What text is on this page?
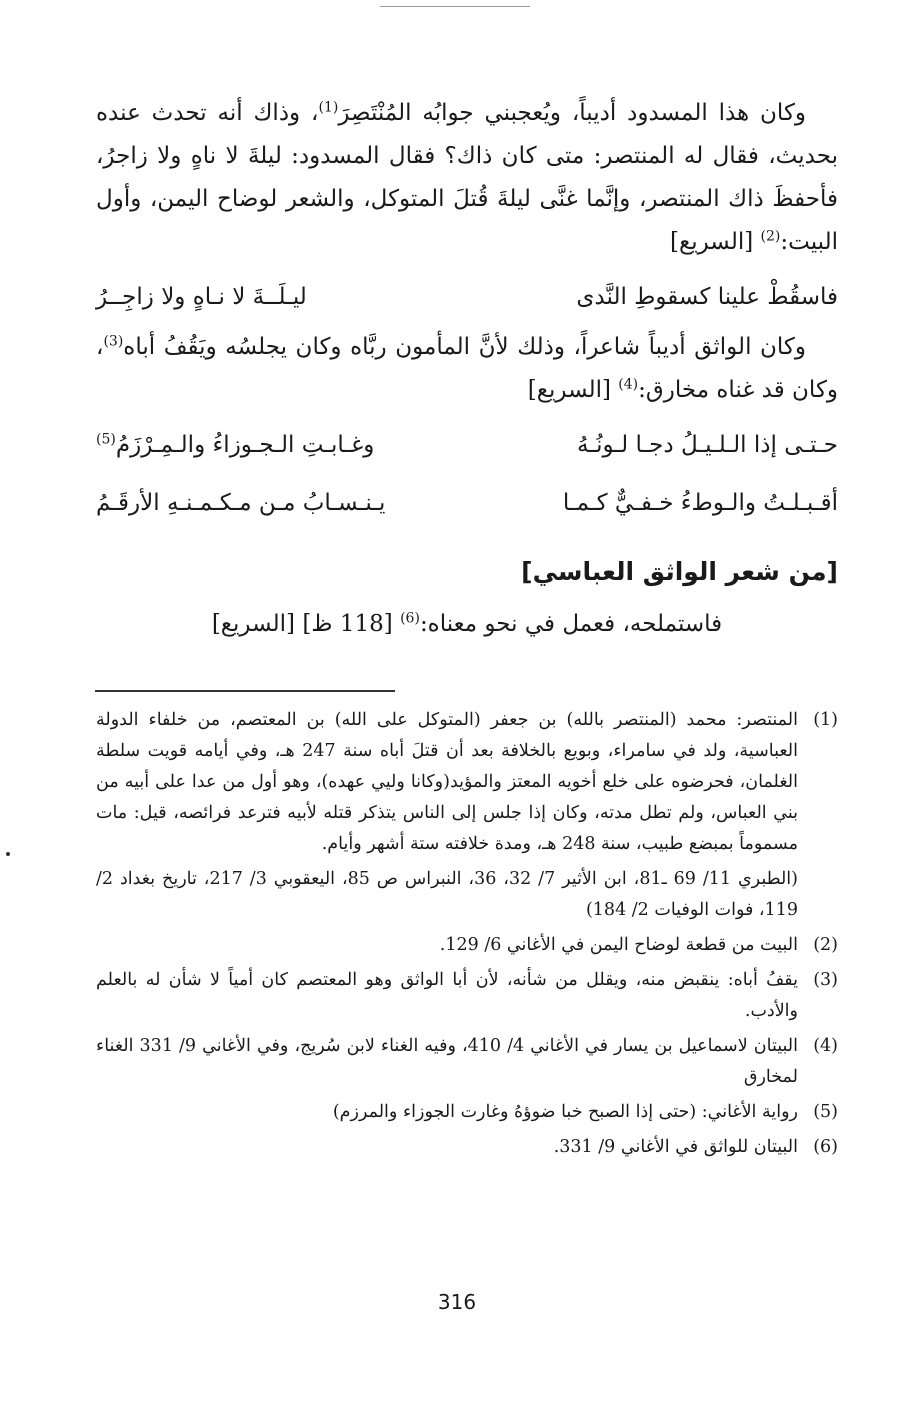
وكان هذا المسدود أديباً، ويُعجبني جوابُه المُنْتَصِرَ$^{(1)}$، وذاك أنه تحدث عنده بحديث، فقال له المنتصر: متى كان ذاك؟ فقال المسدود: ليلةَ لا ناهٍ ولا زاجرُ، فأحفظَ ذاك المنتصر، وإنَّما غنَّى ليلةَ قُتلَ المتوكل، والشعر لوضاح اليمن، وأول البيت:$^{(2)}$ [السريع]

فاسقُطْ علينا كسقوطِ النَّدى
ليـلَــةَ لا نـاهٍ ولا زاجِــرُ

وكان الواثق أديباً شاعراً، وذلك لأنَّ المأمون ربَّاه وكان يجلسُه ويَقُفُ أباه$^{(3)}$، وكان قد غناه مخارق:$^{(4)}$ [السريع]

حـتـى إذا الـلـيـلُ دجـا لـونُـهُ
وغـابـتِ الـجـوزاءُ والـمِـرْزَمُ$^{(5)}$
أقـبـلـتُ والـوطءُ خـفـيٌّ كـمـا
يـنـسـابُ مـن مـكـمـنـهِ الأرقَـمُ
[من شعر الواثق العباسي]
فاستملحه، فعمل في نحو معناه:$^{(6)}$ [118 ظ] [السريع]
(1)
المنتصر: محمد (المنتصر بالله) بن جعفر (المتوكل على الله) بن المعتصم، من خلفاء الدولة العباسية، ولد في سامراء، وبويع بالخلافة بعد أن قتلَ أباه سنة 247 هـ، وفي أيامه قويت سلطة الغلمان، فحرضوه على خلع أخويه المعتز والمؤيد(وكانا وليي عهده)، وهو أول من عدا على أبيه من بني العباس، ولم تطل مدته، وكان إذا جلس إلى الناس يتذكر قتله لأبيه فترعد فرائصه، قيل: مات مسموماً بمبضع طبيب، سنة 248 هـ، ومدة خلافته ستة أشهر وأيام.
(الطبري 11/ 69 ـ81، ابن الأثير 7/ 32، 36، النبراس ص 85، اليعقوبي 3/ 217، تاريخ بغداد 2/ 119، فوات الوفيات 2/ 184)
(2)
البيت من قطعة لوضاح اليمن في الأغاني 6/ 129.
(3)
يقفُ أباه: ينقبض منه، ويقلل من شأنه، لأن أبا الواثق وهو المعتصم كان أمياً لا شأن له بالعلم والأدب.
(4)
البيتان لاسماعيل بن يسار في الأغاني 4/ 410، وفيه الغناء لابن سُريج، وفي الأغاني 9/ 331 الغناء لمخارق
(5)
رواية الأغاني: (حتى إذا الصبح خبا ضوؤهُ وغارت الجوزاء والمرزم)
(6)
البيتان للواثق في الأغاني 9/ 331.
316
